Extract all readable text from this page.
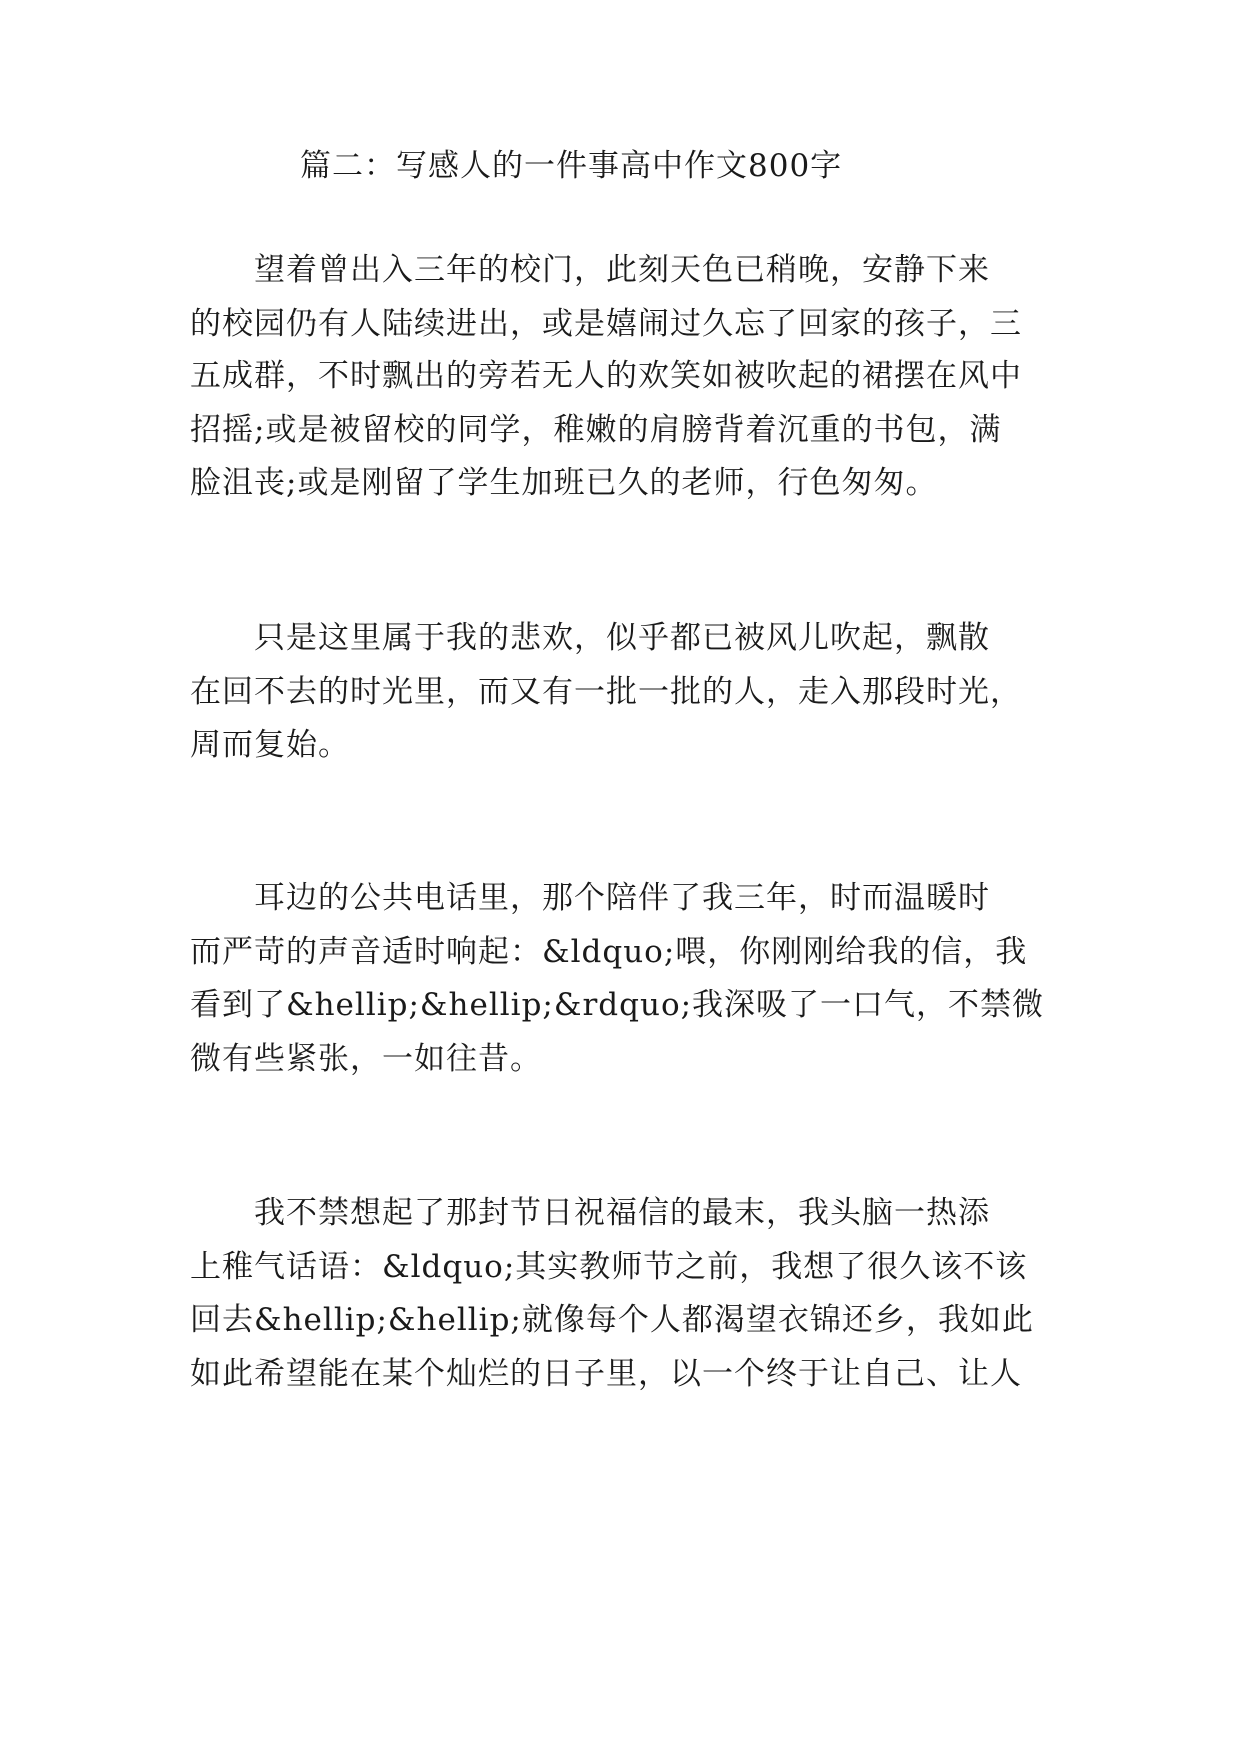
篇二：写感人的一件事高中作文800字
　　望着曾出入三年的校门，此刻天色已稍晚，安静下来
的校园仍有人陆续进出，或是嬉闹过久忘了回家的孩子，三
五成群，不时飘出的旁若无人的欢笑如被吹起的裙摆在风中
招摇;或是被留校的同学，稚嫩的肩膀背着沉重的书包，满
脸沮丧;或是刚留了学生加班已久的老师，行色匆匆。
　　只是这里属于我的悲欢，似乎都已被风儿吹起，飘散
在回不去的时光里，而又有一批一批的人，走入那段时光，
周而复始。
　　耳边的公共电话里，那个陪伴了我三年，时而温暖时
而严苛的声音适时响起：&ldquo;喂，你刚刚给我的信，我
看到了&hellip;&hellip;&rdquo;我深吸了一口气，不禁微
微有些紧张，一如往昔。
　　我不禁想起了那封节日祝福信的最末，我头脑一热添
上稚气话语：&ldquo;其实教师节之前，我想了很久该不该
回去&hellip;&hellip;就像每个人都渴望衣锦还乡，我如此
如此希望能在某个灿烂的日子里，以一个终于让自己、让人
